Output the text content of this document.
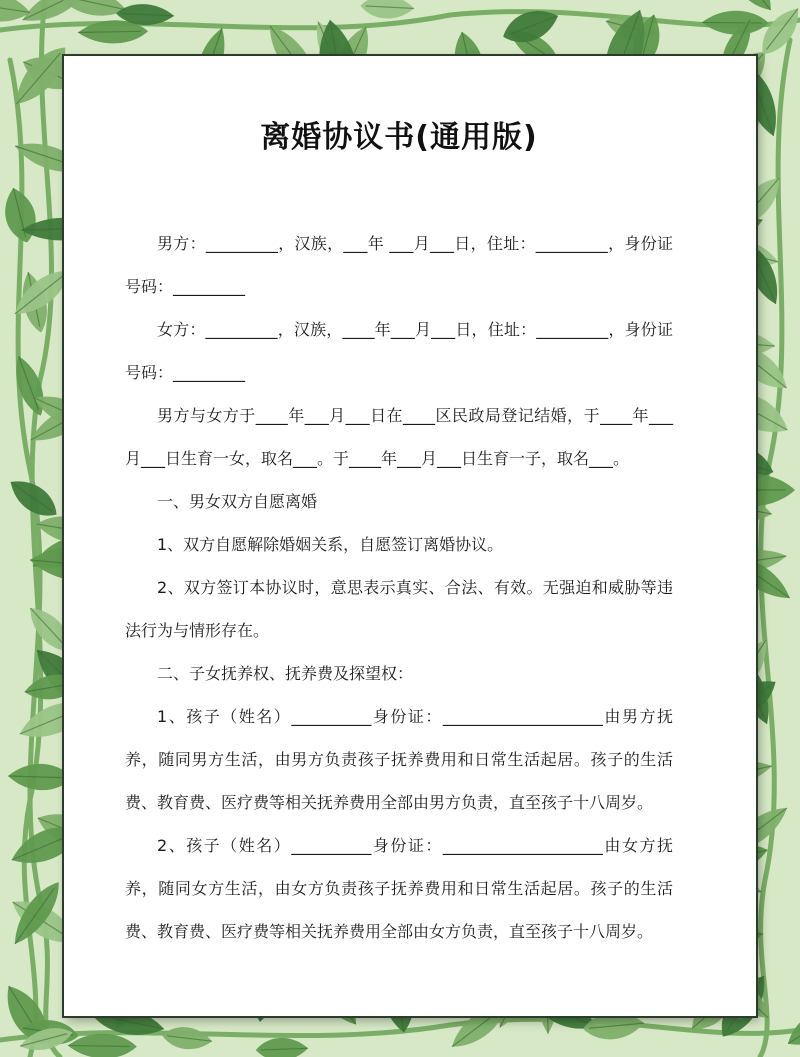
离婚协议书(通用版)

男方：_________，汉族，___年 ___月___日，住址：_________，身份证号码：_________

女方：_________，汉族，____年___月___日，住址：_________，身份证号码：_________

男方与女方于____年___月___日在____区民政局登记结婚，于____年___月___日生育一女，取名___。于____年___月___日生育一子，取名___。

一、男女双方自愿离婚

1、双方自愿解除婚姻关系，自愿签订离婚协议。

2、双方签订本协议时，意思表示真实、合法、有效。无强迫和威胁等违法行为与情形存在。

二、子女抚养权、抚养费及探望权：

1、孩子（姓名）__________身份证：____________________由男方抚养，随同男方生活，由男方负责孩子抚养费用和日常生活起居。孩子的生活费、教育费、医疗费等相关抚养费用全部由男方负责，直至孩子十八周岁。

2、孩子（姓名）__________身份证：____________________由女方抚养，随同女方生活，由女方负责孩子抚养费用和日常生活起居。孩子的生活费、教育费、医疗费等相关抚养费用全部由女方负责，直至孩子十八周岁。
